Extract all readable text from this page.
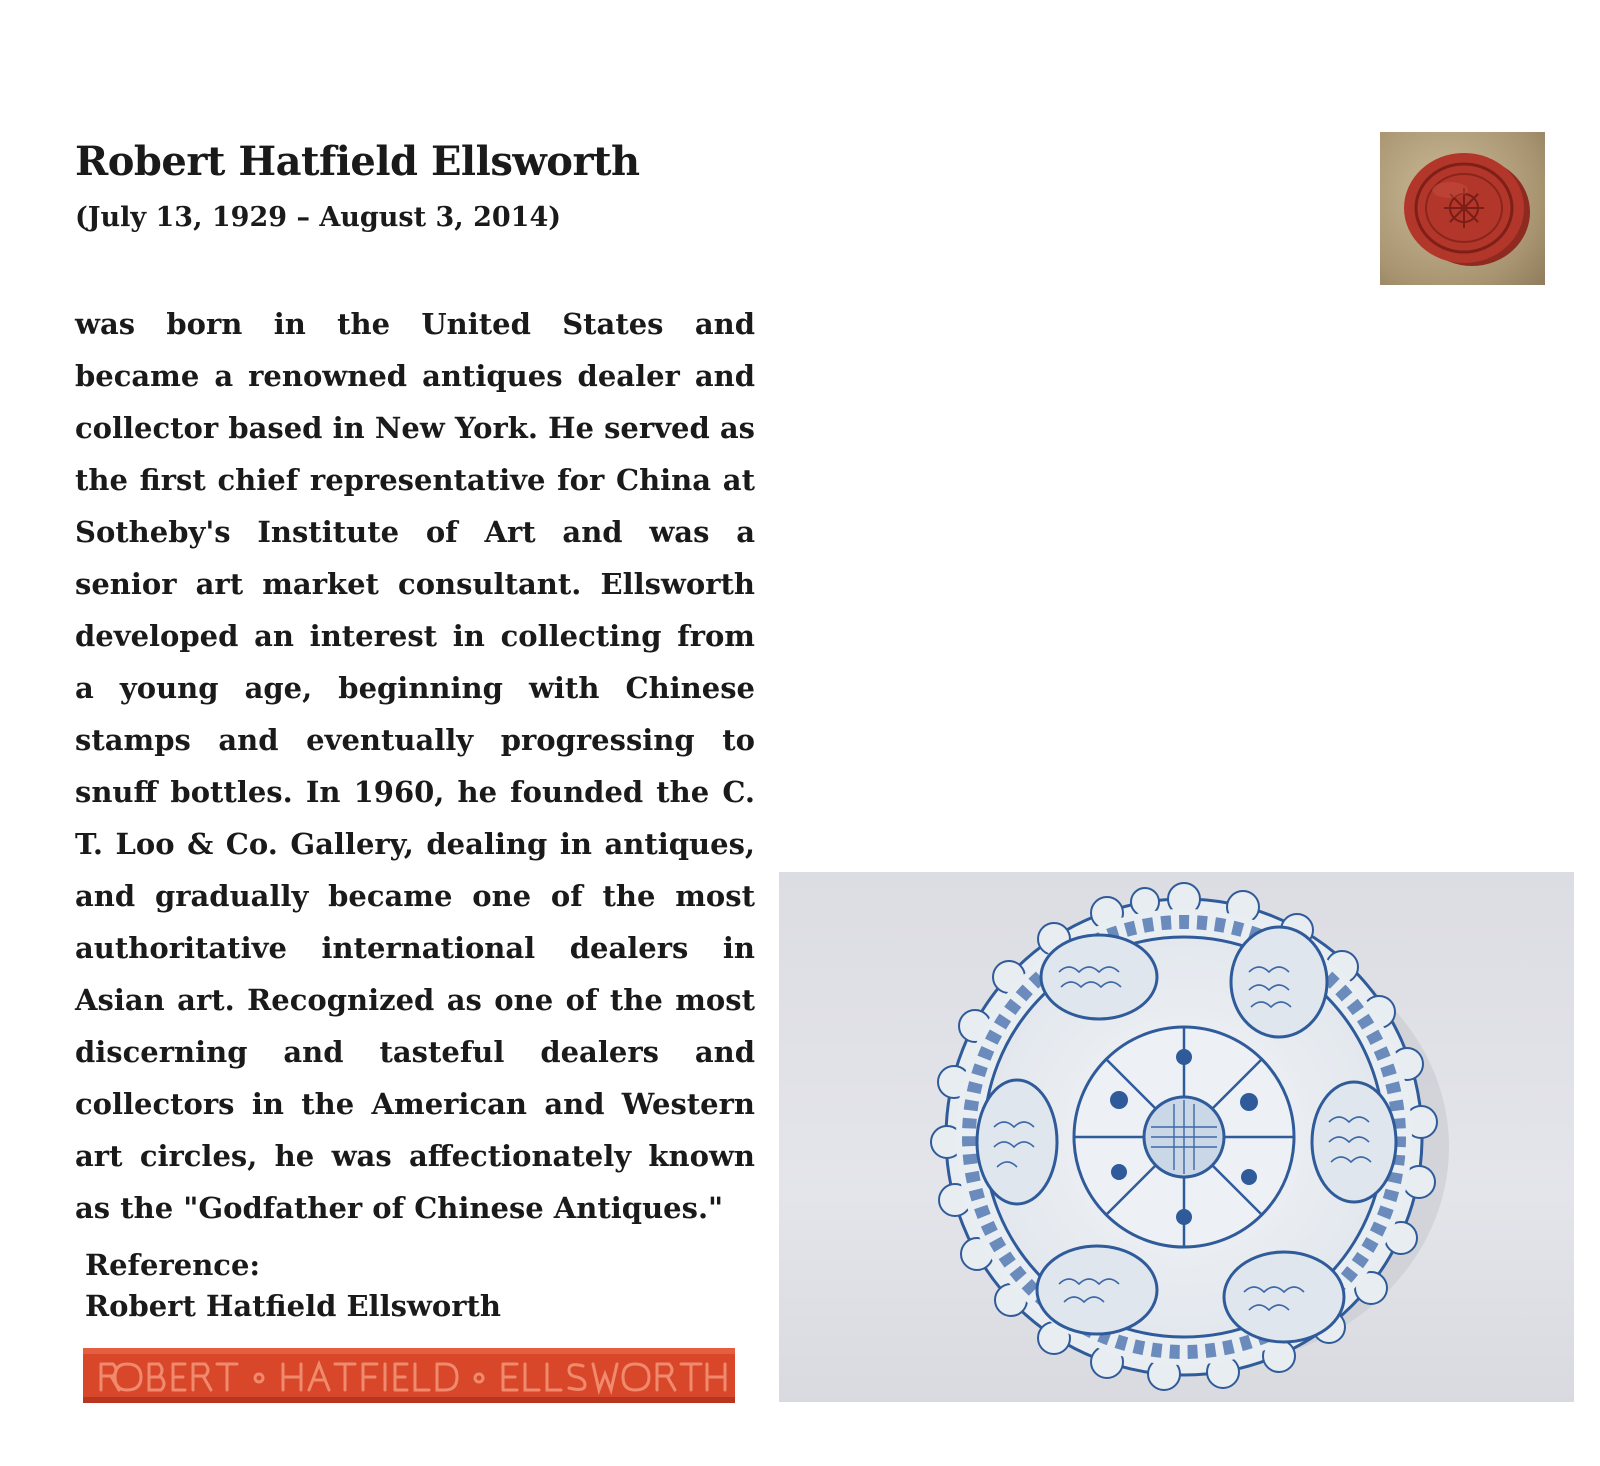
Robert Hatfield Ellsworth

(July 13, 1929 – August 3, 2014)

was born in the United States and became a renowned antiques dealer and collector based in New York. He served as the first chief representative for China at Sotheby's Institute of Art and was a senior art market consultant. Ellsworth developed an interest in collecting from a young age, beginning with Chinese stamps and eventually progressing to snuff bottles. In 1960, he founded the C. T. Loo & Co. Gallery, dealing in antiques, and gradually became one of the most authoritative international dealers in Asian art. Recognized as one of the most discerning and tasteful dealers and collectors in the American and Western art circles, he was affectionately known as the "Godfather of Chinese Antiques."

Reference:
Robert Hatfield Ellsworth
